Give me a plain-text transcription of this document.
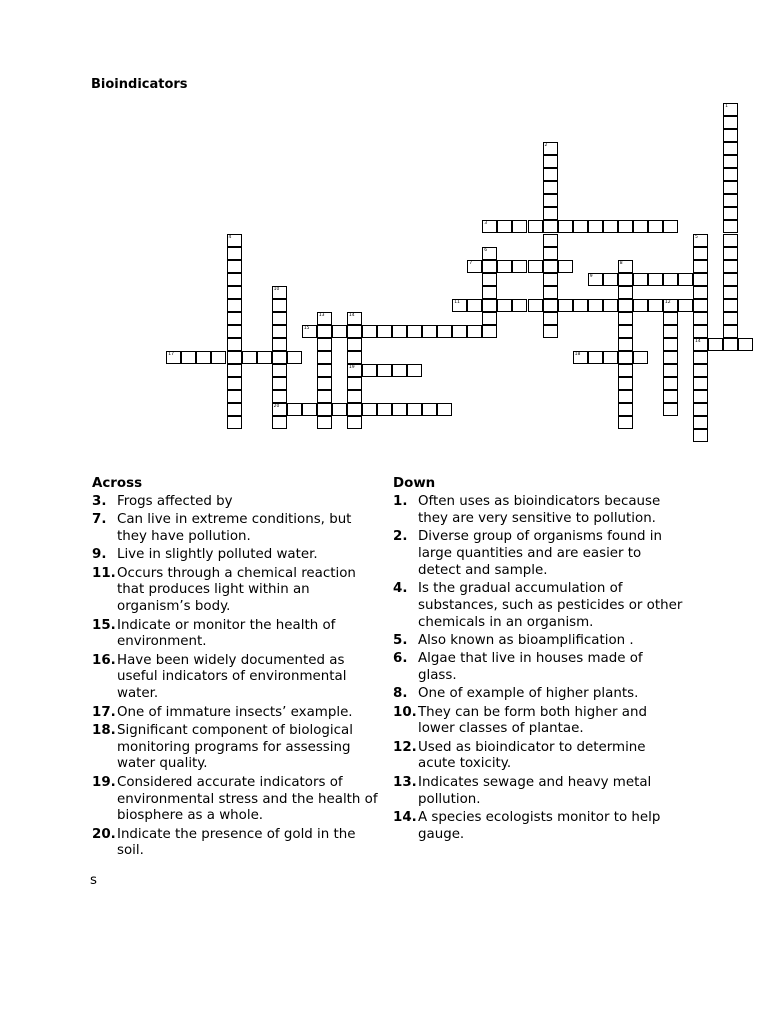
Bioindicators
1
2
3
4	5
14
6
7	8
9
10
20
11	12
13	14
19
15
17	18
Across
3. Frogs affected by
7. Can live in extreme conditions, but they have pollution.
9. Live in slightly polluted water.
11. Occurs through a chemical reaction that produces light within an organism’s body.
15. Indicate or monitor the health of environment.
16. Have been widely documented as useful indicators of environmental water.
17. One of immature insects’ example.
18. Significant component of biological monitoring programs for assessing water quality.
19. Considered accurate indicators of environmental stress and the health of biosphere as a whole.
20. Indicate the presence of gold in the soil.
Down
1. Often uses as bioindicators because they are very sensitive to pollution.
2. Diverse group of organisms found in large quantities and are easier to detect and sample.
4. Is the gradual accumulation of substances, such as pesticides or other chemicals in an organism.
5. Also known as bioamplification .
6. Algae that live in houses made of glass.
8. One of example of higher plants.
10. They can be form both higher and lower classes of plantae.
12. Used as bioindicator to determine acute toxicity.
13. Indicates sewage and heavy metal pollution.
14. A species ecologists monitor to help gauge.
s
